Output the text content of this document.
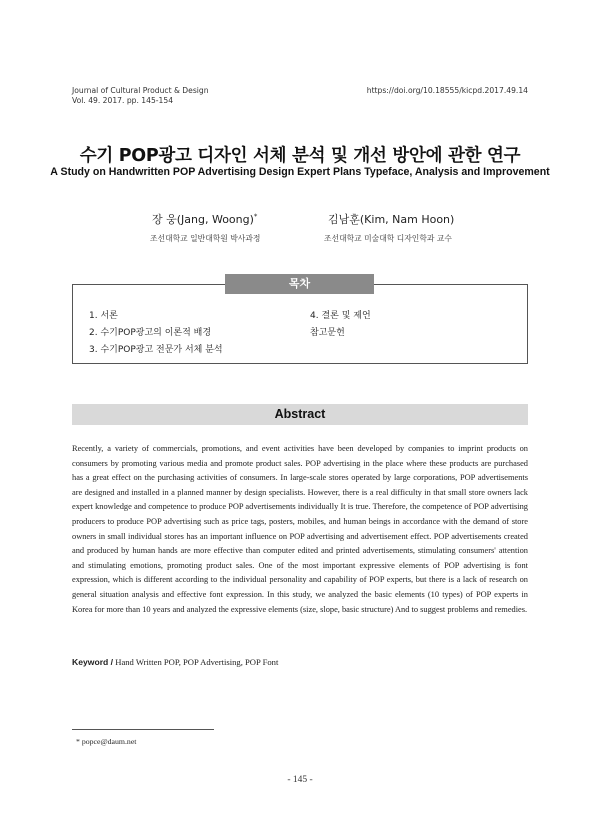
Journal of Cultural Product & Design
Vol. 49. 2017. pp. 145-154
https://doi.org/10.18555/kicpd.2017.49.14
수기 POP광고 디자인 서체 분석 및 개선 방안에 관한 연구
A Study on Handwritten POP Advertising Design Expert Plans Typeface, Analysis and Improvement
장 웅(Jang, Woong)*
조선대학교 일반대학원 박사과정
김남훈(Kim, Nam Hoon)
조선대학교 미술대학 디자인학과 교수
목차
1. 서론
2. 수기POP광고의 이론적 배경
3. 수기POP광고 전문가 서체 분석
4. 결론 및 제언
참고문헌
Abstract
Recently, a variety of commercials, promotions, and event activities have been developed by companies to imprint products on consumers by promoting various media and promote product sales. POP advertising in the place where these products are purchased has a great effect on the purchasing activities of consumers. In large-scale stores operated by large corporations, POP advertisements are designed and installed in a planned manner by design specialists. However, there is a real difficulty in that small store owners lack expert knowledge and competence to produce POP advertisements individually It is true. Therefore, the competence of POP advertising producers to produce POP advertising such as price tags, posters, mobiles, and human beings in accordance with the demand of store owners in small individual stores has an important influence on POP advertising and advertisement effect. POP advertisements created and produced by human hands are more effective than computer edited and printed advertisements, stimulating consumers' attention and stimulating emotions, promoting product sales. One of the most important expressive elements of POP advertising is font expression, which is different according to the individual personality and capability of POP experts, but there is a lack of research on general situation analysis and effective font expression. In this study, we analyzed the basic elements (10 types) of POP experts in Korea for more than 10 years and analyzed the expressive elements (size, slope, basic structure) And to suggest problems and remedies.
Keyword / Hand Written POP, POP Advertising, POP Font
* popce@daum.net
- 145 -
